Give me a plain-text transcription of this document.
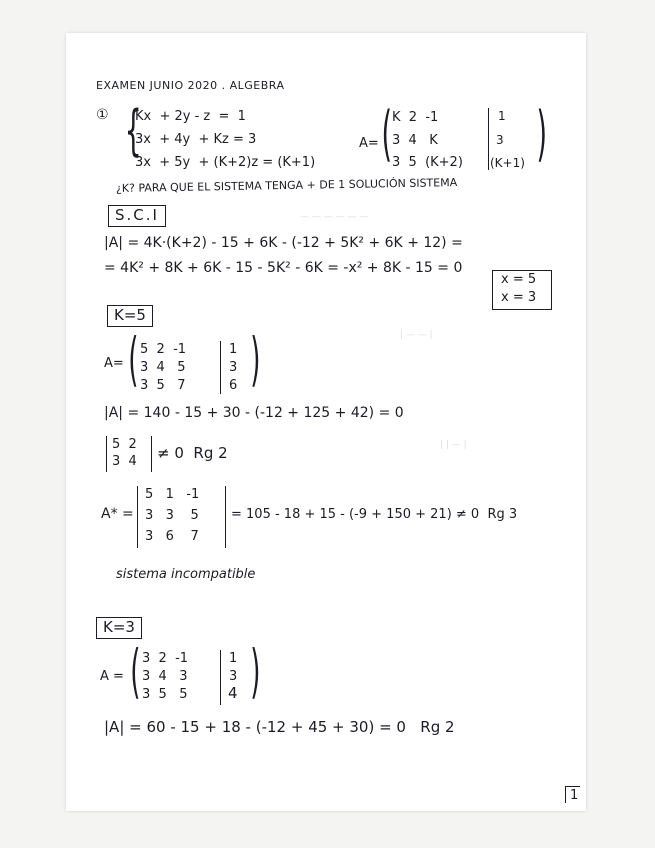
— — — — — —
| — — |
| | — |
EXAMEN JUNIO 2020 . ALGEBRA
① {
Kx  + 2y - z  =  1
3x  + 4y  + Kz = 3
3x  + 5y  + (K+2)z = (K+1)
A= ( K  2  -1
3  4   K
3  5  (K+2)
1
3
(K+1) )
¿K? PARA QUE EL SISTEMA TENGA + DE 1 SOLUCIÓN SISTEMA
S.C.I
|A| = 4K·(K+2) - 15 + 6K - (-12 + 5K² + 6K + 12) =
= 4K² + 8K + 6K - 15 - 5K² - 6K = -x² + 8K - 15 = 0
x = 5
x = 3
K=5
A= ( 5  2  -1
3  4   5
3  5   7
1
3
6 )
|A| = 140 - 15 + 30 - (-12 + 125 + 42) = 0
5  2
3  4 ≠ 0  Rg 2
A* =
5   1   -1
3   3    5
3   6    7
= 105 - 18 + 15 - (-9 + 150 + 21) ≠ 0  Rg 3
sistema incompatible
K=3
A = ( 3  2  -1
3  4   3
3  5   5
1
3
4 )
|A| = 60 - 15 + 18 - (-12 + 45 + 30) = 0   Rg 2
1
